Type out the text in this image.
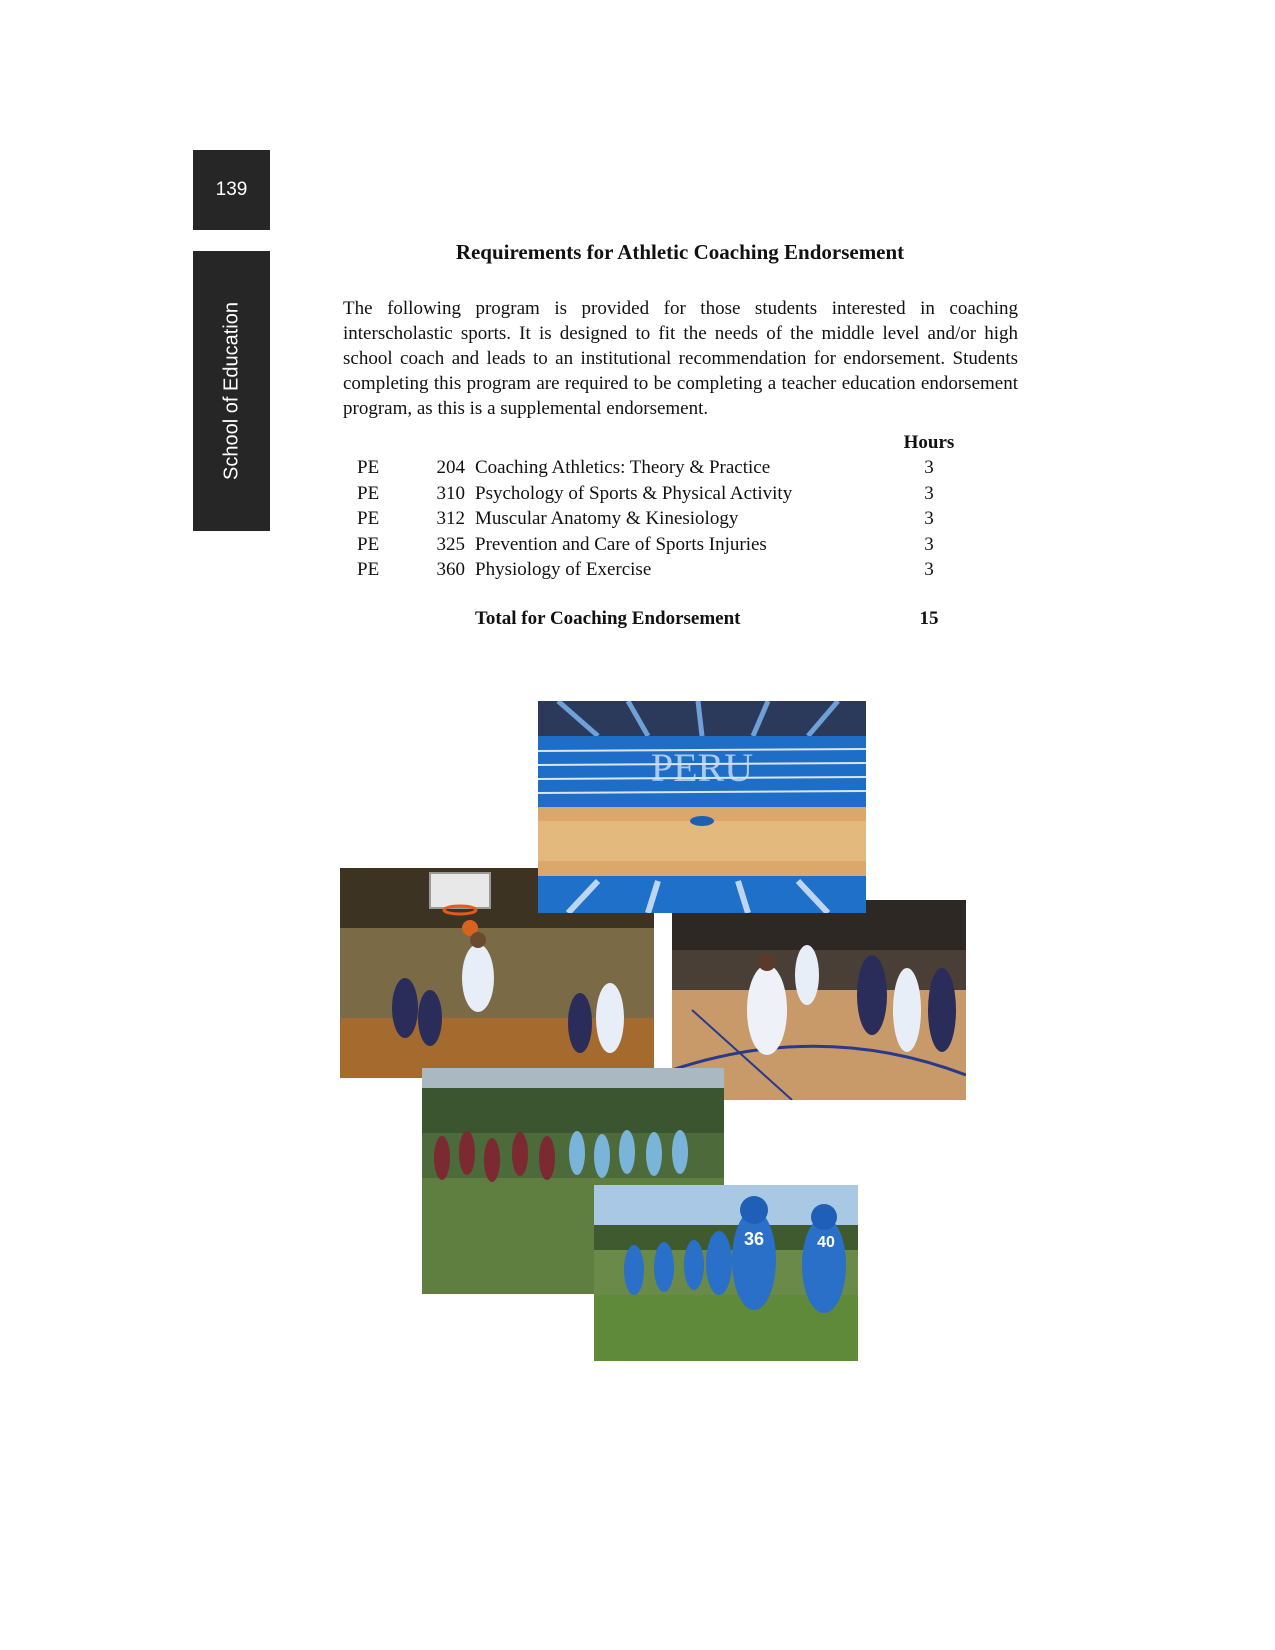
139
School of Education
Requirements for Athletic Coaching Endorsement

The following program is provided for those students interested in coaching interscholastic sports. It is designed to fit the needs of the middle level and/or high school coach and leads to an institutional recommendation for endorsement. Students completing this program are required to be completing a teacher education endorsement program, as this is a supplemental endorsement.

Hours
PE	204 Coaching Athletics: Theory & Practice	3
PE	310 Psychology of Sports & Physical Activity	3
PE	312 Muscular Anatomy & Kinesiology	3
PE	325 Prevention and Care of Sports Injuries	3
PE	360 Physiology of Exercise	3
Total for Coaching Endorsement	15
PERU
36	40
